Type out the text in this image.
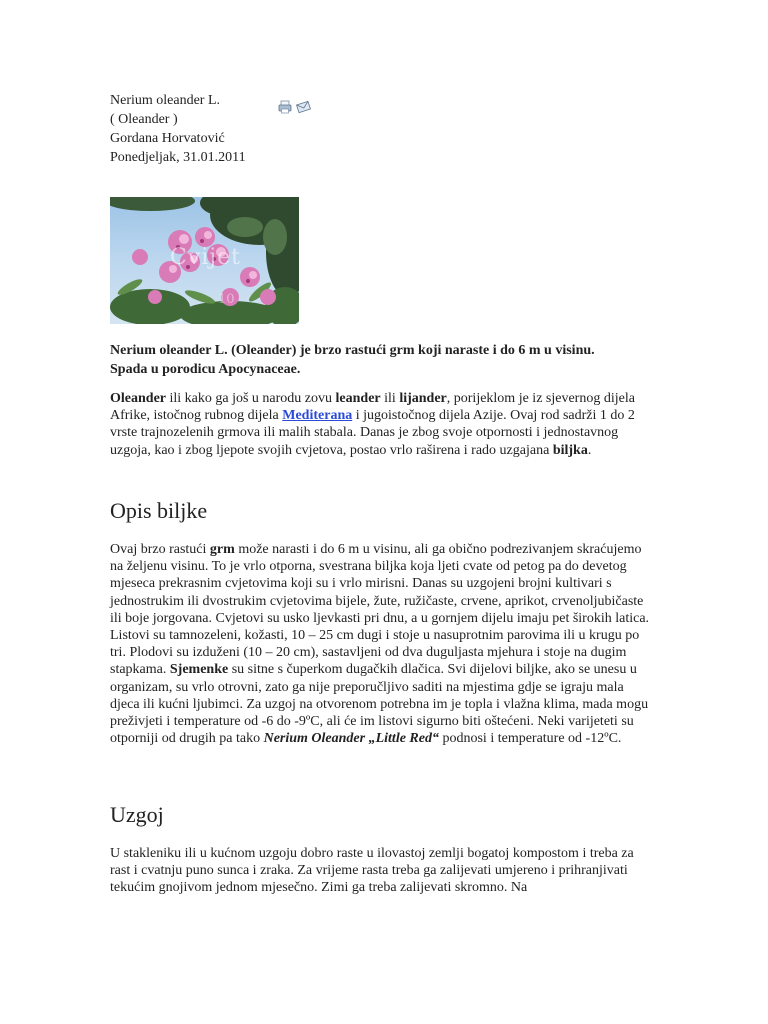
Nerium oleander L.
( Oleander )
Gordana Horvatović
Ponedjeljak, 31.01.2011
Cvijet
10
Nerium oleander L. (Oleander) je brzo rastući grm koji naraste i do 6 m u visinu.
Spada u porodicu Apocynaceae.

Oleander ili kako ga još u narodu zovu leander ili lijander, porijeklom je iz sjevernog dijela Afrike, istočnog rubnog dijela Mediterana i jugoistočnog dijela Azije. Ovaj rod sadrži 1 do 2 vrste trajnozelenih grmova ili malih stabala. Danas je zbog svoje otpornosti i jednostavnog uzgoja, kao i zbog ljepote svojih cvjetova, postao vrlo raširena i rado uzgajana biljka.

Opis biljke

Ovaj brzo rastući grm može narasti i do 6 m u visinu, ali ga obično podrezivanjem skraćujemo na željenu visinu. To je vrlo otporna, svestrana biljka koja ljeti cvate od petog pa do devetog mjeseca prekrasnim cvjetovima koji su i vrlo mirisni. Danas su uzgojeni brojni kultivari s jednostrukim ili dvostrukim cvjetovima bijele, žute, ružičaste, crvene, aprikot, crvenoljubičaste ili boje jorgovana. Cvjetovi su usko ljevkasti pri dnu, a u gornjem dijelu imaju pet širokih latica. Listovi su tamnozeleni, kožasti, 10 – 25 cm dugi i stoje u nasuprotnim parovima ili u krugu po tri. Plodovi su izduženi (10 – 20 cm), sastavljeni od dva duguljasta mjehura i stoje na dugim stapkama. Sjemenke su sitne s čuperkom dugačkih dlačica. Svi dijelovi biljke, ako se unesu u organizam, su vrlo otrovni, zato ga nije preporučljivo saditi na mjestima gdje se igraju mala djeca ili kućni ljubimci. Za uzgoj na otvorenom potrebna im je topla i vlažna klima, mada mogu preživjeti i temperature od -6 do -9ºC, ali će im listovi sigurno biti oštećeni. Neki varijeteti su otporniji od drugih pa tako Nerium Oleander „Little Red“ podnosi i temperature od -12ºC.

Uzgoj

U stakleniku ili u kućnom uzgoju dobro raste u ilovastoj zemlji bogatoj kompostom i treba za rast i cvatnju puno sunca i zraka. Za vrijeme rasta treba ga zalijevati umjereno i prihranjivati tekućim gnojivom jednom mjesečno. Zimi ga treba zalijevati skromno. Na
